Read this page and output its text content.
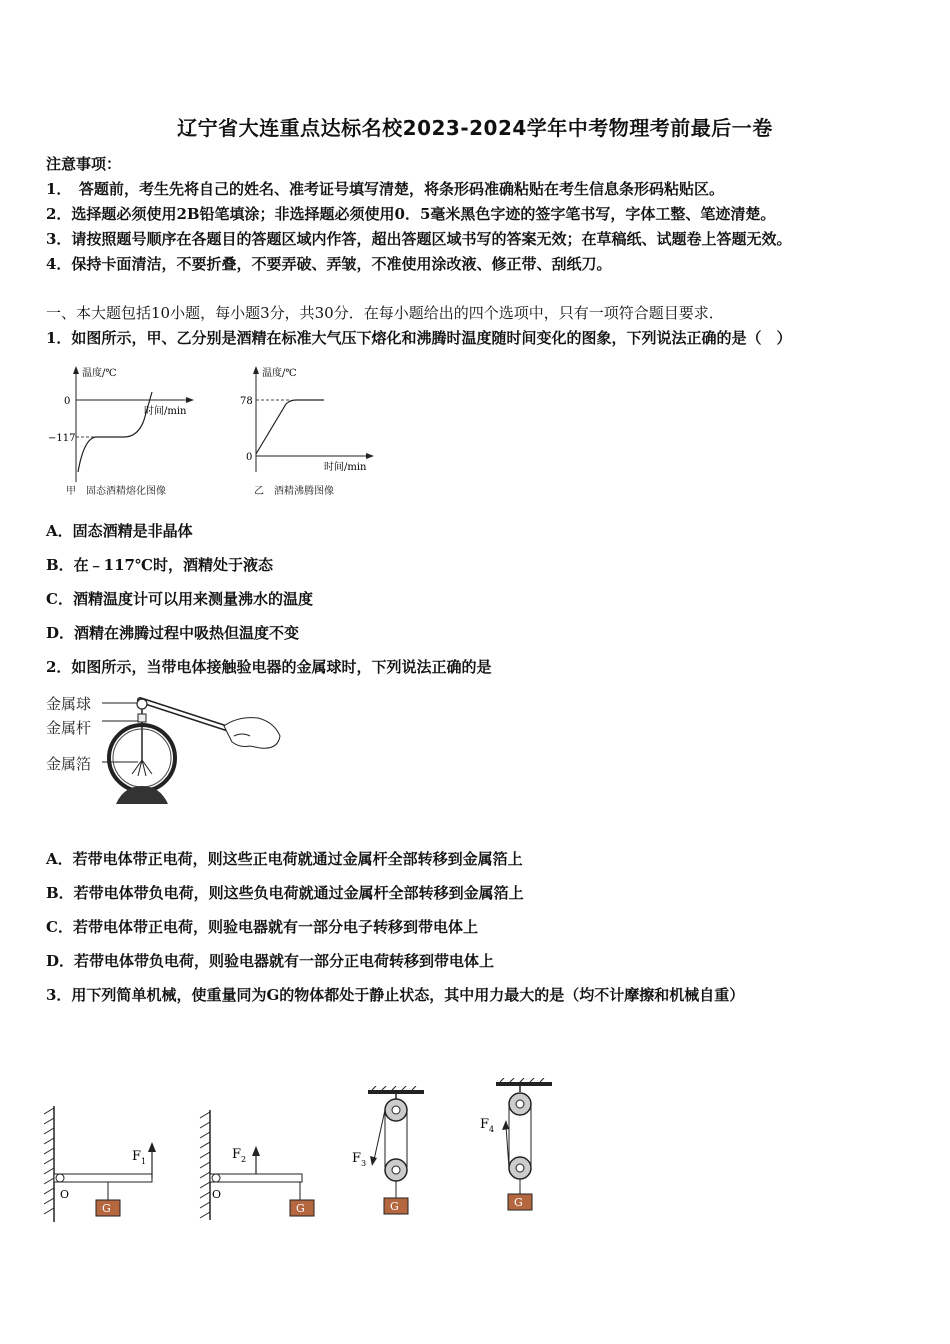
辽宁省大连重点达标名校2023-2024学年中考物理考前最后一卷
注意事项：
1．　答题前，考生先将自己的姓名、准考证号填写清楚，将条形码准确粘贴在考生信息条形码粘贴区。
2．选择题必须使用2B铅笔填涂；非选择题必须使用0．5毫米黑色字迹的签字笔书写，字体工整、笔迹清楚。
3．请按照题号顺序在各题目的答题区域内作答，超出答题区域书写的答案无效；在草稿纸、试题卷上答题无效。
4．保持卡面清洁，不要折叠，不要弄破、弄皱，不准使用涂改液、修正带、刮纸刀。
一、本大题包括10小题，每小题3分，共30分．在每小题给出的四个选项中，只有一项符合题目要求．
1．如图所示，甲、乙分别是酒精在标准大气压下熔化和沸腾时温度随时间变化的图象，下列说法正确的是（　）
温度/℃
时间/min
0
−117
甲　固态酒精熔化图像
温度/℃
78
0
时间/min
乙　酒精沸腾图像
A．固态酒精是非晶体
B．在﹣117℃时，酒精处于液态
C．酒精温度计可以用来测量沸水的温度
D．酒精在沸腾过程中吸热但温度不变
2．如图所示，当带电体接触验电器的金属球时，下列说法正确的是
金属球
金属杆
金属箔
A．若带电体带正电荷，则这些正电荷就通过金属杆全部转移到金属箔上
B．若带电体带负电荷，则这些负电荷就通过金属杆全部转移到金属箔上
C．若带电体带正电荷，则验电器就有一部分电子转移到带电体上
D．若带电体带负电荷，则验电器就有一部分正电荷转移到带电体上
3．用下列简单机械，使重量同为G的物体都处于静止状态，其中用力最大的是（均不计摩擦和机械自重）
G
O
F 1
G
O
F 2
G
F 3
G
F 4
